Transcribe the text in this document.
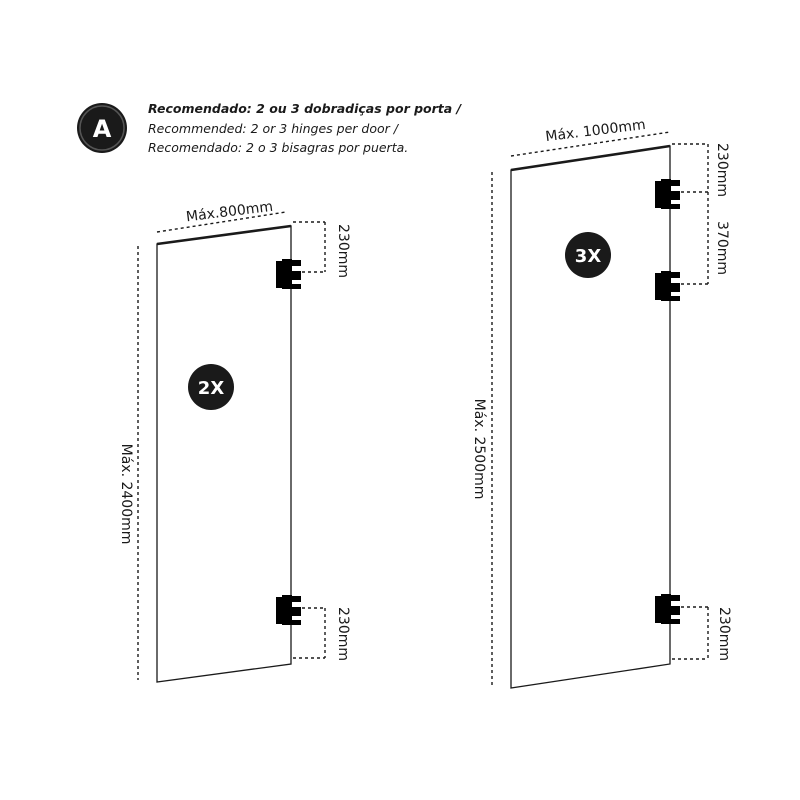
A
Recomendado: 2 ou 3 dobradiças por porta /
Recommended: 2 or 3 hinges per door /
Recomendado: 2 o 3 bisagras por puerta.
Máx.800mm
Máx. 2400mm
230mm
230mm
2X
Máx. 1000mm
Máx. 2500mm
230mm
370mm
230mm
3X
